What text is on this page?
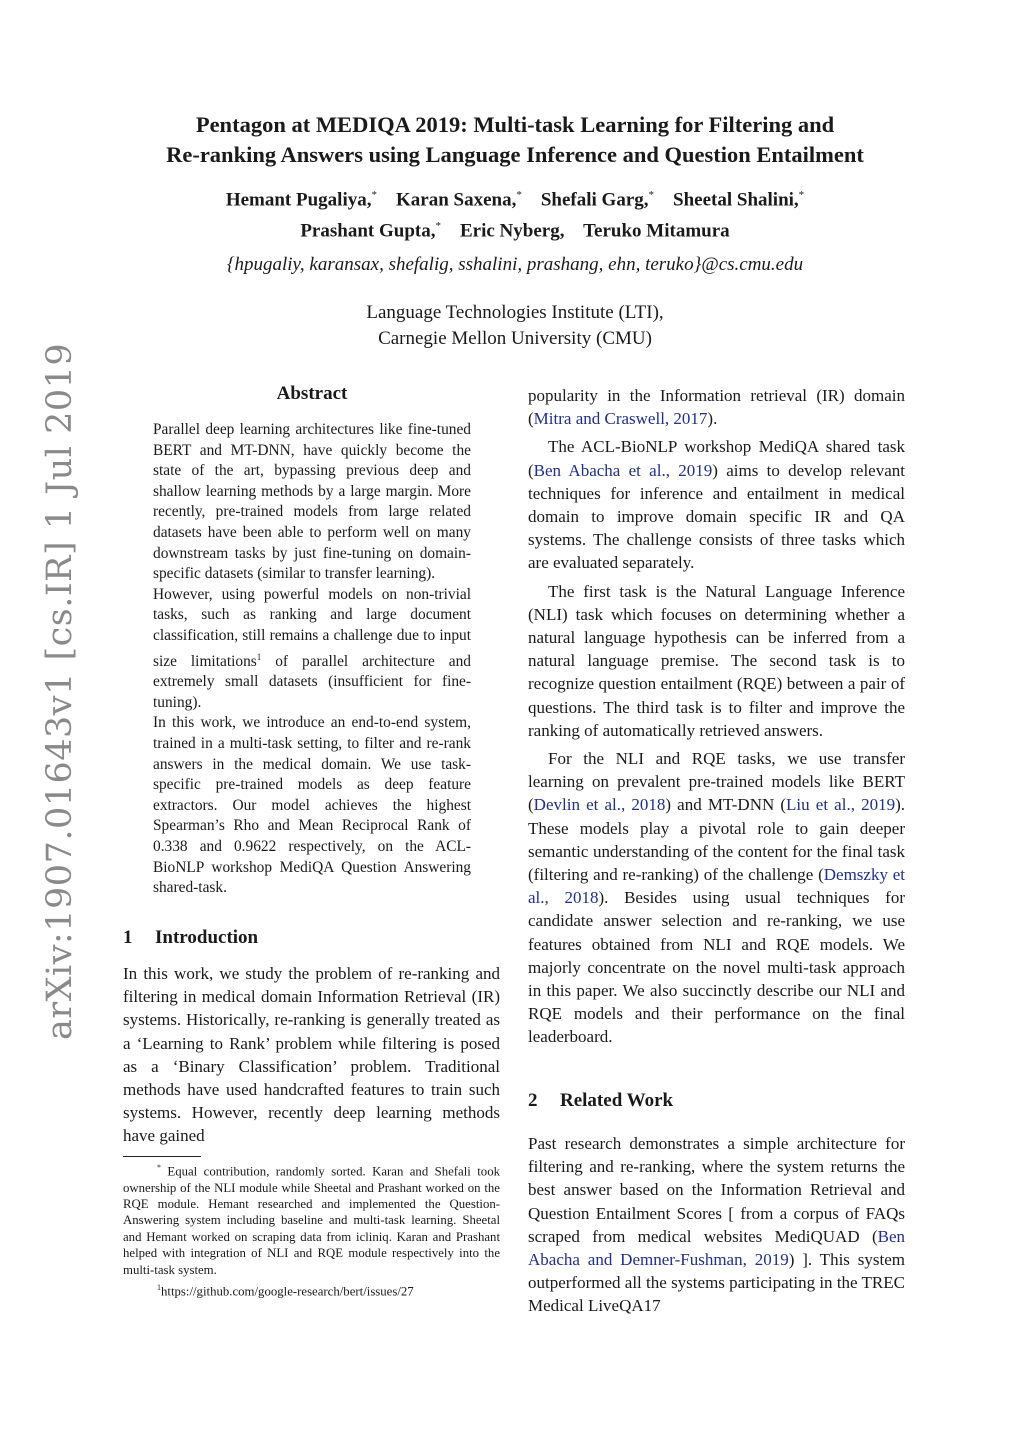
Pentagon at MEDIQA 2019: Multi-task Learning for Filtering and
Re-ranking Answers using Language Inference and Question Entailment
Hemant Pugaliya,* Karan Saxena,* Shefali Garg,* Sheetal Shalini,*
Prashant Gupta,* Eric Nyberg, Teruko Mitamura
{hpugaliy, karansax, shefalig, sshalini, prashang, ehn, teruko}@cs.cmu.edu
Language Technologies Institute (LTI),
Carnegie Mellon University (CMU)
arXiv:1907.01643v1 [cs.IR] 1 Jul 2019	Abstract

Parallel deep learning architectures like fine-tuned BERT and MT-DNN, have quickly become the state of the art, bypassing previous deep and shallow learning methods by a large margin. More recently, pre-trained models from large related datasets have been able to perform well on many downstream tasks by just fine-tuning on domain-specific datasets (similar to transfer learning).

However, using powerful models on non-trivial tasks, such as ranking and large document classification, still remains a challenge due to input size limitations$^1$ of parallel architecture and extremely small datasets (insufficient for fine-tuning).

In this work, we introduce an end-to-end system, trained in a multi-task setting, to filter and re-rank answers in the medical domain. We use task-specific pre-trained models as deep feature extractors. Our model achieves the highest Spearman’s Rho and Mean Reciprocal Rank of 0.338 and 0.9622 respectively, on the ACL-BioNLP workshop MediQA Question Answering shared-task.

1 Introduction

In this work, we study the problem of re-ranking and filtering in medical domain Information Retrieval (IR) systems. Historically, re-ranking is generally treated as a ‘Learning to Rank’ problem while filtering is posed as a ‘Binary Classification’ problem. Traditional methods have used handcrafted features to train such systems. However, recently deep learning methods have gained

* Equal contribution, randomly sorted. Karan and Shefali took ownership of the NLI module while Sheetal and Prashant worked on the RQE module. Hemant researched and implemented the Question-Answering system including baseline and multi-task learning. Sheetal and Hemant worked on scraping data from icliniq. Karan and Prashant helped with integration of NLI and RQE module respectively into the multi-task system.

$^1$https://github.com/google-research/bert/issues/27

popularity in the Information retrieval (IR) domain (Mitra and Craswell, 2017).

The ACL-BioNLP workshop MediQA shared task (Ben Abacha et al., 2019) aims to develop relevant techniques for inference and entailment in medical domain to improve domain specific IR and QA systems. The challenge consists of three tasks which are evaluated separately.

The first task is the Natural Language Inference (NLI) task which focuses on determining whether a natural language hypothesis can be inferred from a natural language premise. The second task is to recognize question entailment (RQE) between a pair of questions. The third task is to filter and improve the ranking of automatically retrieved answers.

For the NLI and RQE tasks, we use transfer learning on prevalent pre-trained models like BERT (Devlin et al., 2018) and MT-DNN (Liu et al., 2019). These models play a pivotal role to gain deeper semantic understanding of the content for the final task (filtering and re-ranking) of the challenge (Demszky et al., 2018). Besides using usual techniques for candidate answer selection and re-ranking, we use features obtained from NLI and RQE models. We majorly concentrate on the novel multi-task approach in this paper. We also succinctly describe our NLI and RQE models and their performance on the final leaderboard.

2 Related Work

Past research demonstrates a simple architecture for filtering and re-ranking, where the system returns the best answer based on the Information Retrieval and Question Entailment Scores [ from a corpus of FAQs scraped from medical websites MediQUAD (Ben Abacha and Demner-Fushman, 2019) ]. This system outperformed all the systems participating in the TREC Medical LiveQA17
